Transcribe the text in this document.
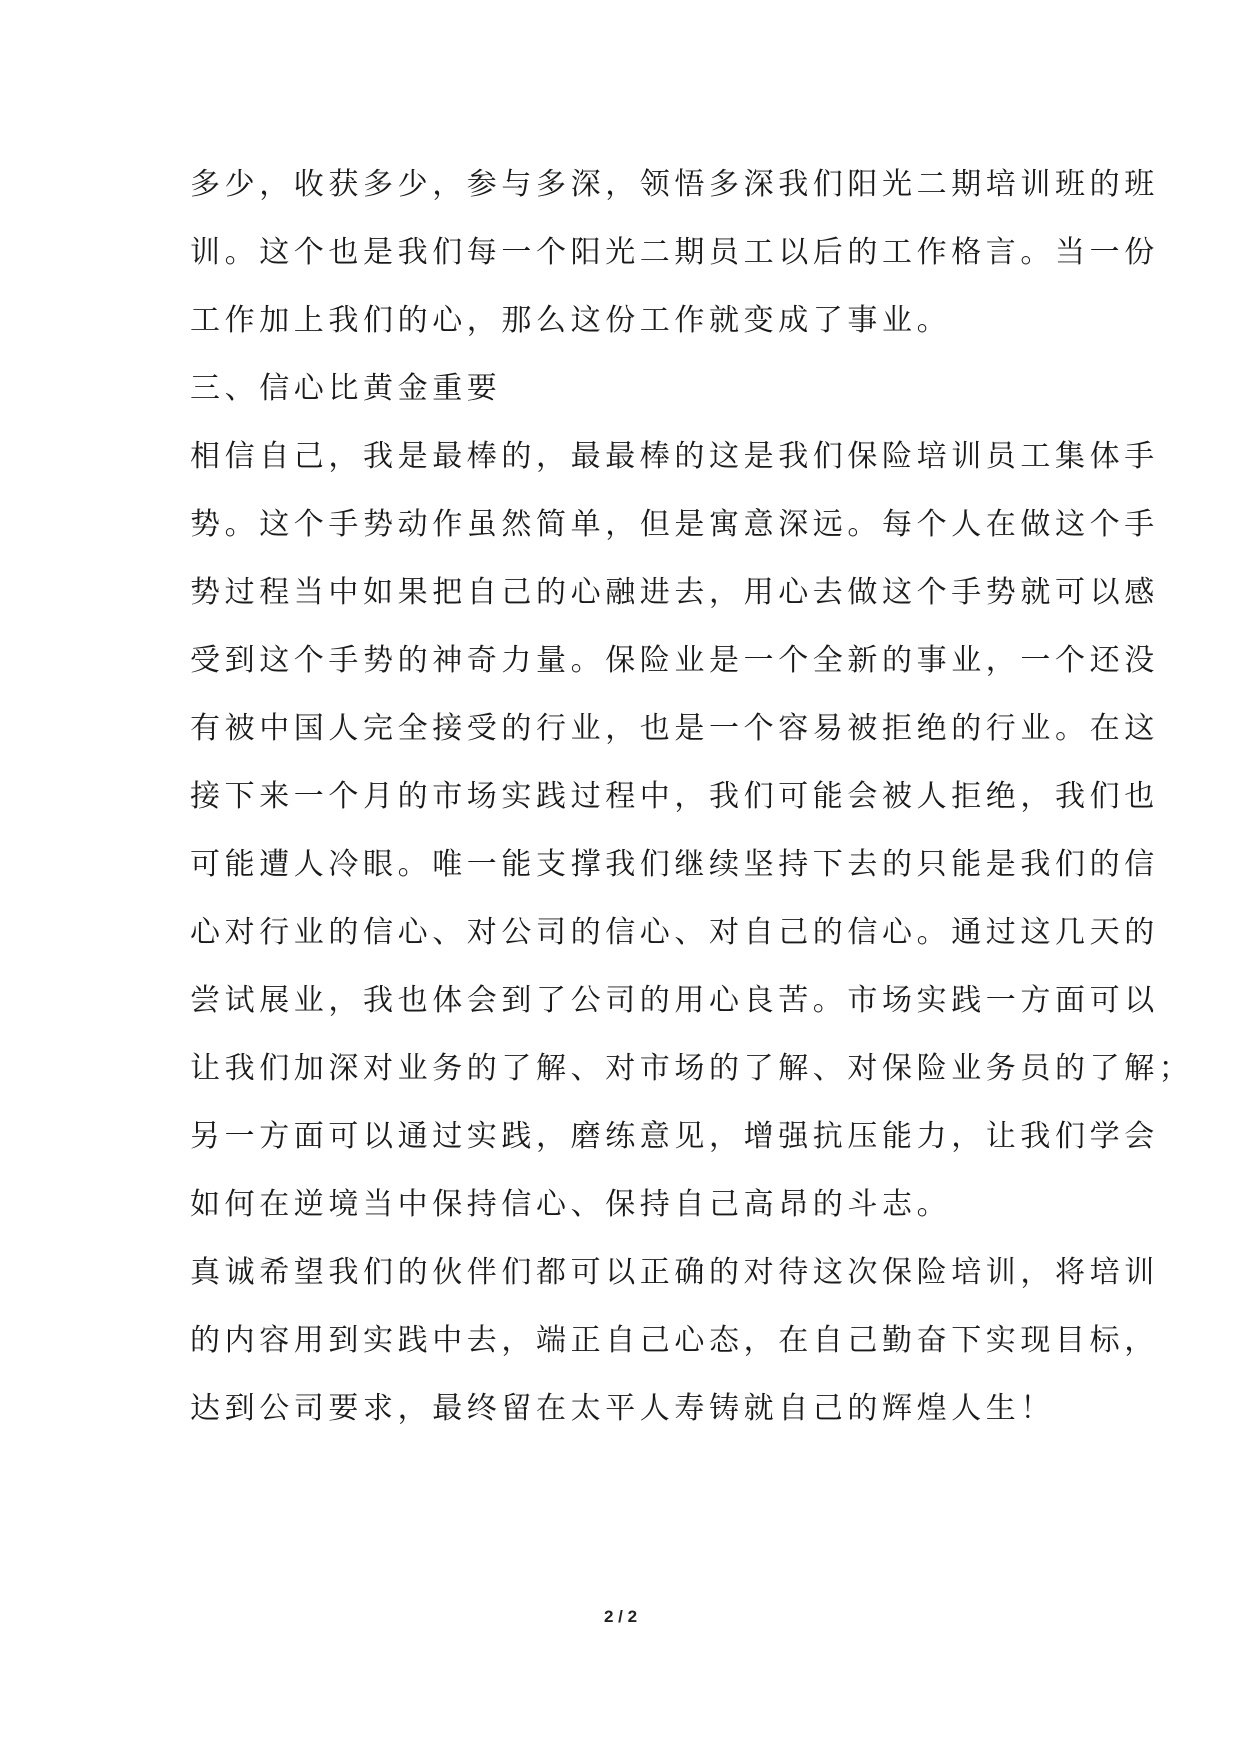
多少，收获多少，参与多深，领悟多深我们阳光二期培训班的班
训。这个也是我们每一个阳光二期员工以后的工作格言。当一份
工作加上我们的心，那么这份工作就变成了事业。
三、信心比黄金重要
相信自己，我是最棒的，最最棒的这是我们保险培训员工集体手
势。这个手势动作虽然简单，但是寓意深远。每个人在做这个手
势过程当中如果把自己的心融进去，用心去做这个手势就可以感
受到这个手势的神奇力量。保险业是一个全新的事业，一个还没
有被中国人完全接受的行业，也是一个容易被拒绝的行业。在这
接下来一个月的市场实践过程中，我们可能会被人拒绝，我们也
可能遭人冷眼。唯一能支撑我们继续坚持下去的只能是我们的信
心对行业的信心、对公司的信心、对自己的信心。通过这几天的
尝试展业，我也体会到了公司的用心良苦。市场实践一方面可以
让我们加深对业务的了解、对市场的了解、对保险业务员的了解；
另一方面可以通过实践，磨练意见，增强抗压能力，让我们学会
如何在逆境当中保持信心、保持自己高昂的斗志。
真诚希望我们的伙伴们都可以正确的对待这次保险培训，将培训
的内容用到实践中去，端正自己心态，在自己勤奋下实现目标，
达到公司要求，最终留在太平人寿铸就自己的辉煌人生！
2 / 2
